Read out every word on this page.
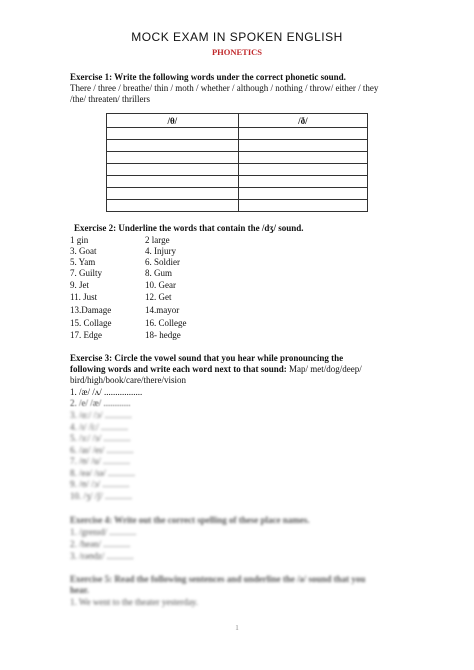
MOCK EXAM IN SPOKEN ENGLISH
PHONETICS
Exercise 1: Write the following words under the correct phonetic sound.
There / three / breathe/ thin / moth / whether / although / nothing / throw/ either / they
/the/ threaten/ thrillers
/θ/	/ð/

Exercise 2: Underline the words that contain the /dʒ/ sound.
1 gin	2 large
3. Goat	4. Injury
5. Yam	6. Soldier
7. Guilty	8. Gum
9. Jet	10. Gear
11. Just	12. Get
13.Damage	14.mayor
15. Collage	16. College
17. Edge	18- hedge
Exercise 3: Circle the vowel sound that you hear while pronouncing the
following words and write each word next to that sound: Map/ met/dog/deep/
bird/high/book/care/there/vision
1. /æ/ /ʌ/ .................
2. /e/ /æ/ ............
3. /ɑ:/ /ɔ/ ............
4. /ɪ/ /i:/ ............
5. /ɜ:/ /ɜ/ ............
6. /aɪ/ /eɪ/ ............
7. /ʊ/ /u/ ............
8. /eə/ /ɪə/ ............
9. /ʊ/ /ɔ/ ............
10. /ʒ/ /ʃ/ ............
Exercise 4: Write out the correct spelling of these place names.
1. /grenɪd/ ............
2. /heən/ ............
3. /rəʊdz/ ............
Exercise 5: Read the following sentences and underline the /ə/ sound that you
hear.
1. We went to the theater yesterday.
1
